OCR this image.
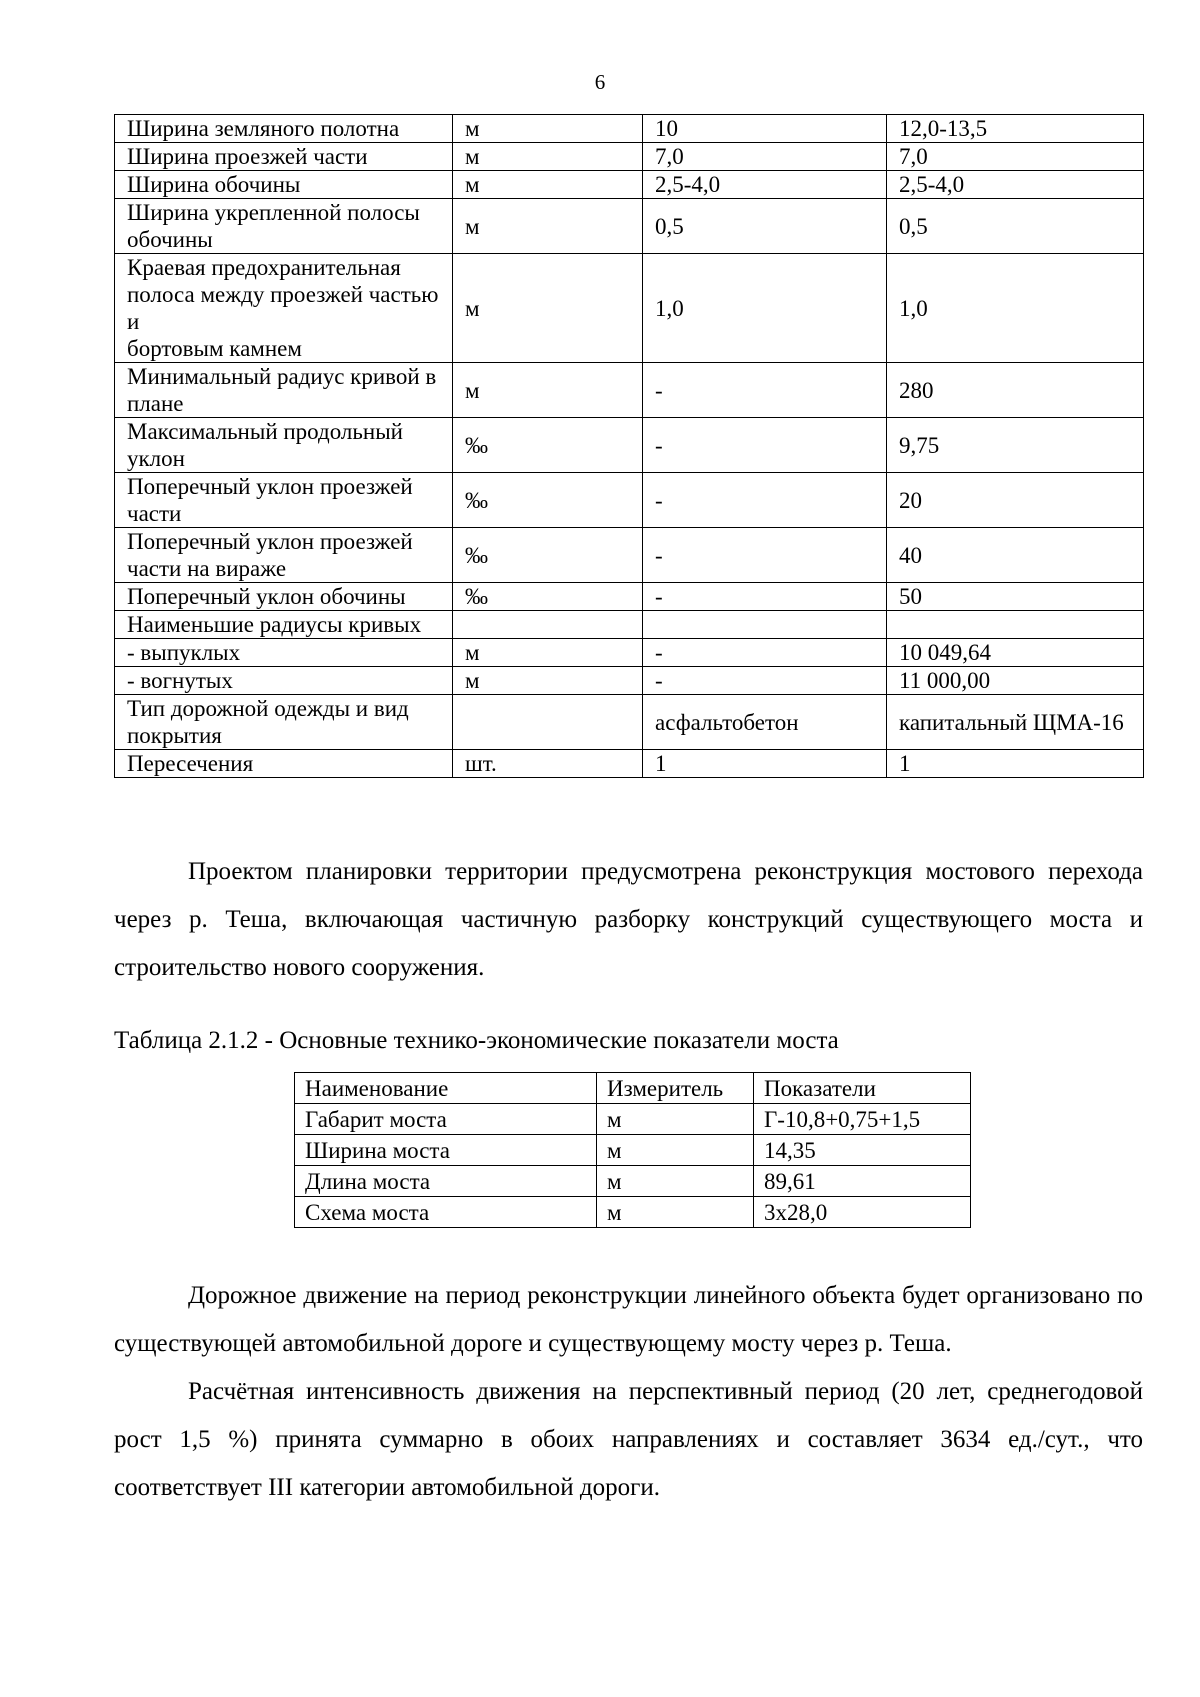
6
Ширина земляного полотна	м	10	12,0-13,5
Ширина проезжей части	м	7,0	7,0
Ширина обочины	м	2,5-4,0	2,5-4,0
Ширина укрепленной полосы обочины	м	0,5	0,5
Краевая предохранительная полоса между проезжей частью и
бортовым камнем	м	1,0	1,0
Минимальный радиус кривой в плане	м	-	280
Максимальный продольный уклон	‰	-	9,75
Поперечный уклон проезжей части	‰	-	20
Поперечный уклон проезжей части на вираже	‰	-	40
Поперечный уклон обочины	‰	-	50
Наименьшие радиусы кривых			
- выпуклых	м	-	10 049,64
- вогнутых	м	-	11 000,00
Тип дорожной одежды и вид покрытия		асфальтобетон	капитальный ЩМА-16
Пересечения	шт.	1	1

Проектом планировки территории предусмотрена реконструкция мостового перехода через р. Теша, включающая частичную разборку конструкций существующего моста и строительство нового сооружения.

Таблица 2.1.2 - Основные технико-экономические показатели моста
Наименование	Измеритель	Показатели
Габарит моста	м	Г-10,8+0,75+1,5
Ширина моста	м	14,35
Длина моста	м	89,61
Схема моста	м	3х28,0

Дорожное движение на период реконструкции линейного объекта будет организовано по существующей автомобильной дороге и существующему мосту через р. Теша.

Расчётная интенсивность движения на перспективный период (20 лет, среднегодовой рост 1,5 %) принята суммарно в обоих направлениях и составляет 3634 ед./сут., что соответствует III категории автомобильной дороги.
